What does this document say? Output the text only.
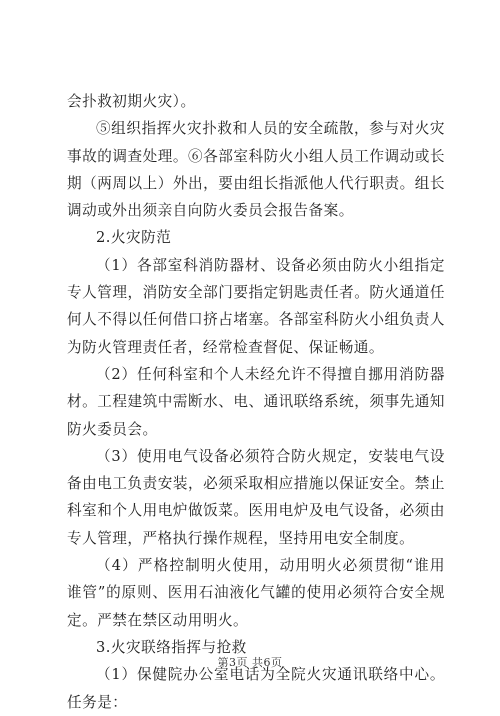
会扑救初期火灾）。

⑤组织指挥火灾扑救和人员的安全疏散，参与对火灾事故的调查处理。⑥各部室科防火小组人员工作调动或长期（两周以上）外出，要由组长指派他人代行职责。组长调动或外出须亲自向防火委员会报告备案。

2.火灾防范

（1）各部室科消防器材、设备必须由防火小组指定专人管理，消防安全部门要指定钥匙责任者。防火通道任何人不得以任何借口挤占堵塞。各部室科防火小组负责人为防火管理责任者，经常检查督促、保证畅通。

（2）任何科室和个人未经允许不得擅自挪用消防器材。工程建筑中需断水、电、通讯联络系统，须事先通知防火委员会。

（3）使用电气设备必须符合防火规定，安装电气设备由电工负责安装，必须采取相应措施以保证安全。禁止科室和个人用电炉做饭菜。医用电炉及电气设备，必须由专人管理，严格执行操作规程，坚持用电安全制度。

（4）严格控制明火使用，动用明火必须贯彻“谁用谁管”的原则、医用石油液化气罐的使用必须符合安全规定。严禁在禁区动用明火。

3.火灾联络指挥与抢救

（1）保健院办公室电话为全院火灾通讯联络中心。任务是：

第3页 共6页
